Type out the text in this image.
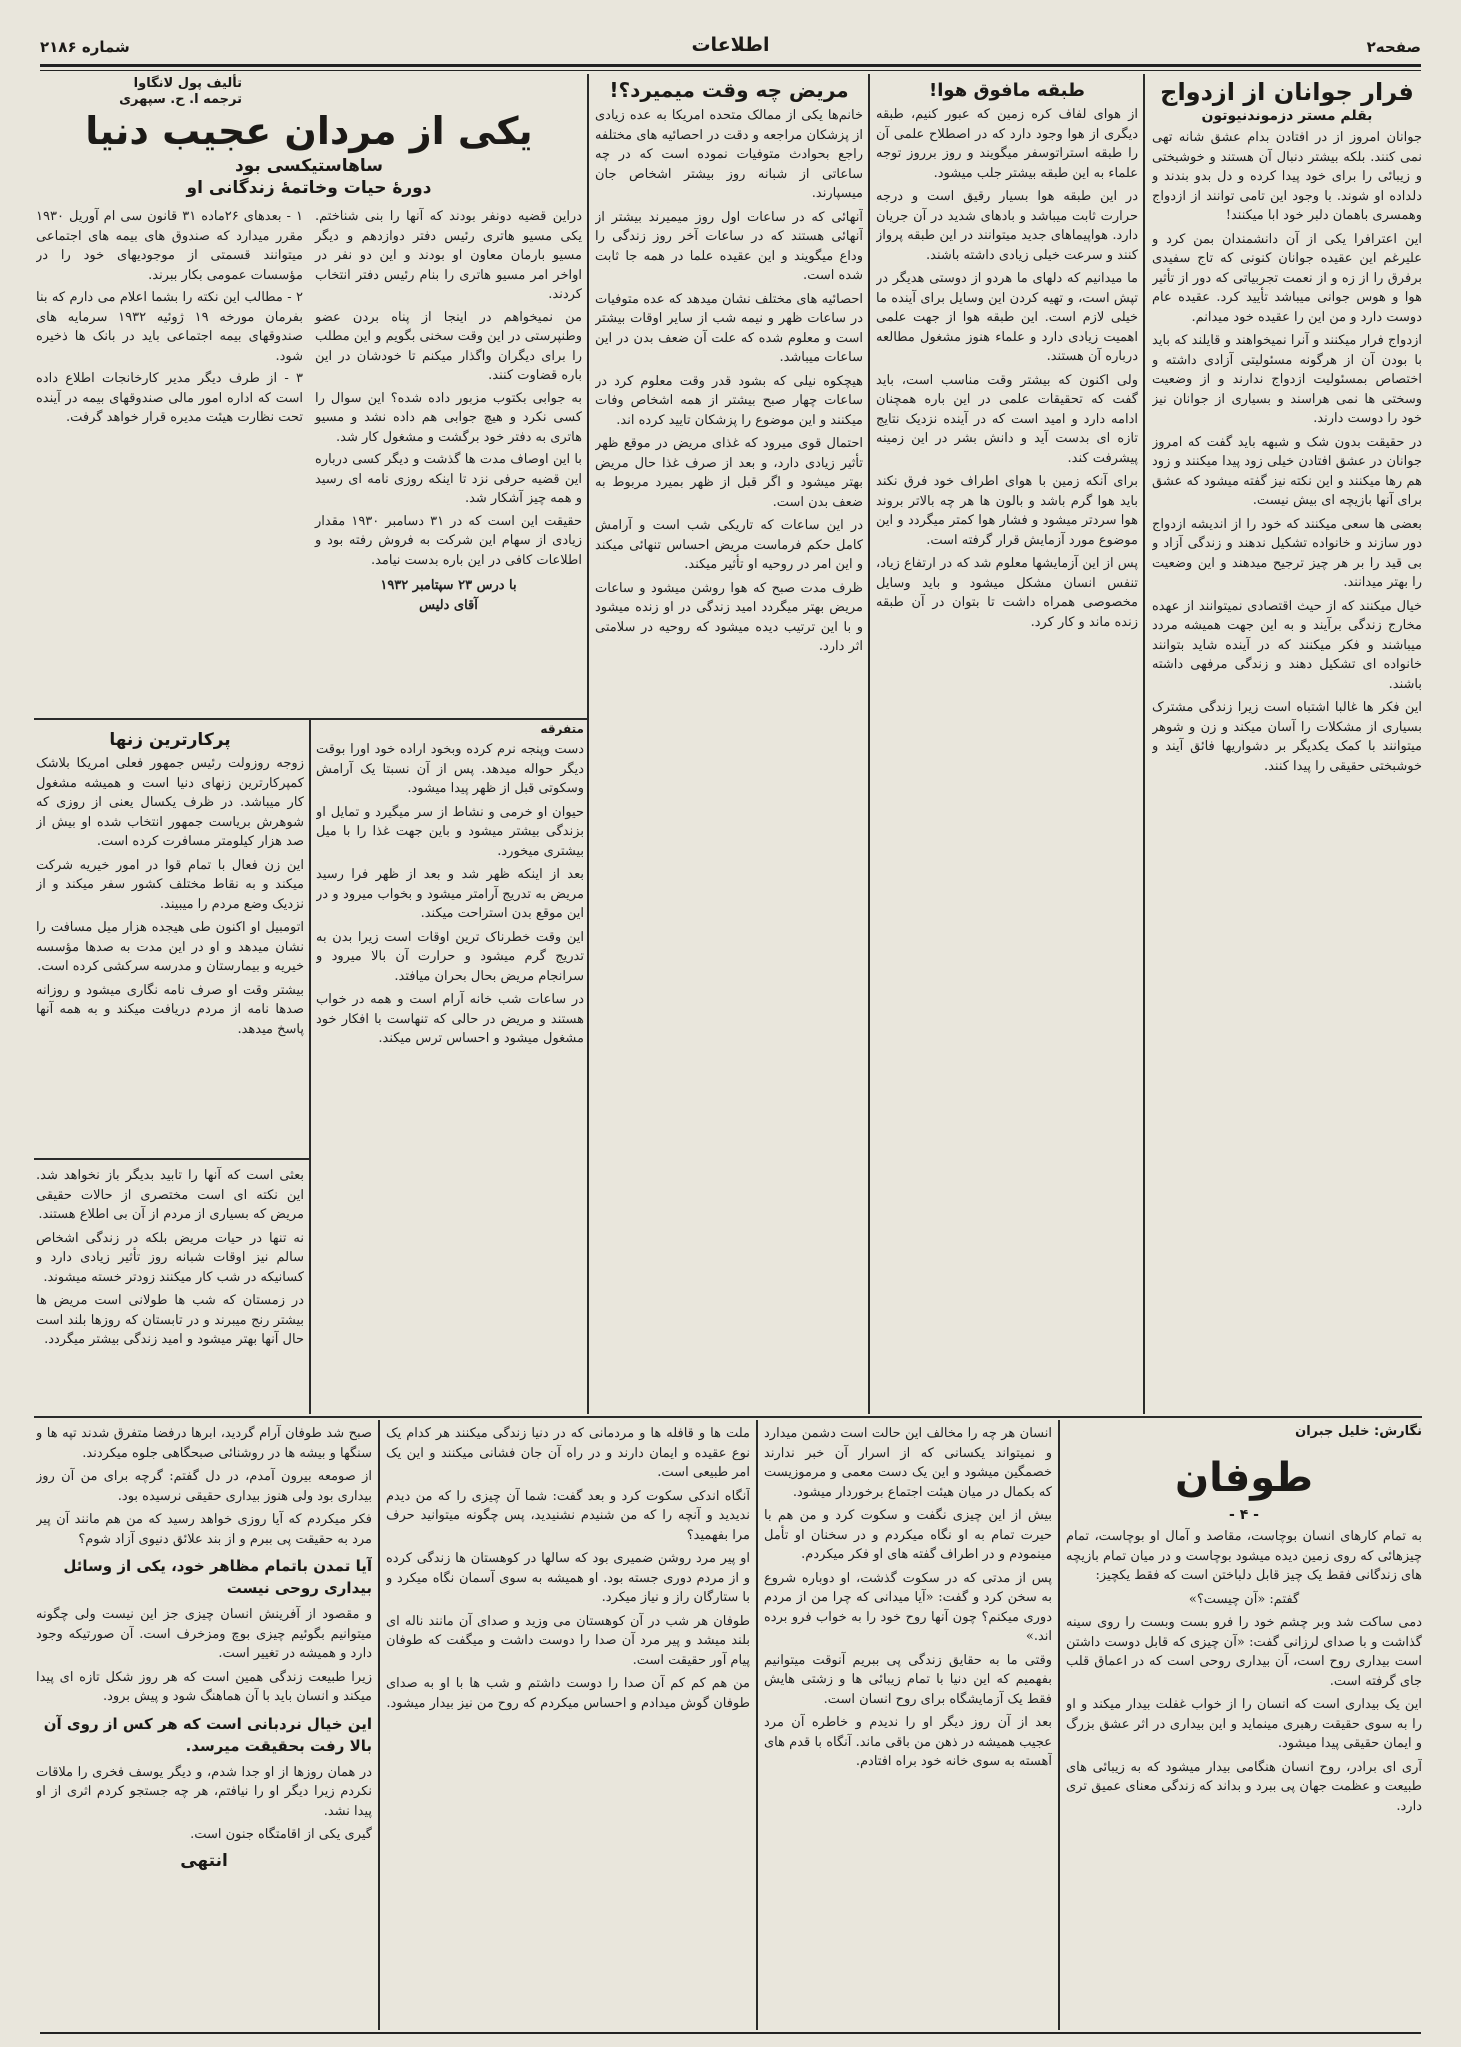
صفحه۲
اطلاعات
شماره ۲۱۸۶
فرار جوانان از ازدواج
بقلم مستر دزموندنیوتون

جوانان امروز از در افتادن بدام عشق شانه تهی نمی کنند. بلکه بیشتر دنبال آن هستند و خوشبختی و زیبائی را برای خود پیدا کرده و دل بدو بندند و دلداده او شوند. با وجود این تامی توانند از ازدواج وهمسری باهمان دلبر خود ابا میکنند!

این اعترافرا یکی از آن دانشمندان بمن کرد و علیرغم این عقیده جوانان کنونی که تاج سفیدی برفرق را از زه و از نعمت تجربیاتی که دور از تأثیر هوا و هوس جوانی میباشد تأیید کرد. عقیده عام دوست دارد و من این را عقیده خود میدانم.

ازدواج فرار میکنند و آنرا نمیخواهند و قایلند که باید با بودن آن از هرگونه مسئولیتی آزادی داشته و اختصاص بمسئولیت ازدواج ندارند و از وضعیت وسختی ها نمی هراسند و بسیاری از جوانان نیز خود را دوست دارند.

در حقیقت بدون شک و شبهه باید گفت که امروز جوانان در عشق افتادن خیلی زود پیدا میکنند و زود هم رها میکنند و این نکته نیز گفته میشود که عشق برای آنها بازیچه ای بیش نیست.

بعضی ها سعی میکنند که خود را از اندیشه ازدواج دور سازند و خانواده تشکیل ندهند و زندگی آزاد و بی قید را بر هر چیز ترجیح میدهند و این وضعیت را بهتر میدانند.

خیال میکنند که از حیث اقتصادی نمیتوانند از عهده مخارج زندگی برآیند و به این جهت همیشه مردد میباشند و فکر میکنند که در آینده شاید بتوانند خانواده ای تشکیل دهند و زندگی مرفهی داشته باشند.

این فکر ها غالبا اشتباه است زیرا زندگی مشترک بسیاری از مشکلات را آسان میکند و زن و شوهر میتوانند با کمک یکدیگر بر دشواریها فائق آیند و خوشبختی حقیقی را پیدا کنند.

طبقه مافوق هوا!

از هوای لفاف کره زمین که عبور کنیم، طبقه دیگری از هوا وجود دارد که در اصطلاح علمی آن را طبقه استراتوسفر میگویند و روز برروز توجه علماء به این طبقه بیشتر جلب میشود.

در این طبقه هوا بسیار رقیق است و درجه حرارت ثابت میباشد و بادهای شدید در آن جریان دارد. هواپیماهای جدید میتوانند در این طبقه پرواز کنند و سرعت خیلی زیادی داشته باشند.

ما میدانیم که دلهای ما هردو از دوستی هدیگر در تپش است، و تهیه کردن این وسایل برای آینده ما خیلی لازم است. این طبقه هوا از جهت علمی اهمیت زیادی دارد و علماء هنوز مشغول مطالعه درباره آن هستند.

ولی اکنون که بیشتر وقت مناسب است، باید گفت که تحقیقات علمی در این باره همچنان ادامه دارد و امید است که در آینده نزدیک نتایج تازه ای بدست آید و دانش بشر در این زمینه پیشرفت کند.

برای آنکه زمین با هوای اطراف خود فرق نکند باید هوا گرم باشد و بالون ها هر چه بالاتر بروند هوا سردتر میشود و فشار هوا کمتر میگردد و این موضوع مورد آزمایش قرار گرفته است.

پس از این آزمایشها معلوم شد که در ارتفاع زیاد، تنفس انسان مشکل میشود و باید وسایل مخصوصی همراه داشت تا بتوان در آن طبقه زنده ماند و کار کرد.

مریض چه وقت میمیرد؟!

خانم‌ها یکی از ممالک متحده امریکا به عده زیادی از پزشکان مراجعه و دقت در احصائیه های مختلفه راجع بحوادث متوفیات نموده است که در چه ساعاتی از شبانه روز بیشتر اشخاص جان میسپارند.

آنهائی که در ساعات اول روز میمیرند بیشتر از آنهائی هستند که در ساعات آخر روز زندگی را وداع میگویند و این عقیده علما در همه جا ثابت شده است.

احصائیه های مختلف نشان میدهد که عده متوفیات در ساعات ظهر و نیمه شب از سایر اوقات بیشتر است و معلوم شده که علت آن ضعف بدن در این ساعات میباشد.

هیچکوه نیلی که بشود قدر وقت معلوم کرد در ساعات چهار صبح بیشتر از همه اشخاص وفات میکنند و این موضوع را پزشکان تایید کرده اند.

احتمال قوی میرود که غذای مریض در موقع ظهر تأثیر زیادی دارد، و بعد از صرف غذا حال مریض بهتر میشود و اگر قبل از ظهر بمیرد مربوط به ضعف بدن است.

در این ساعات که تاریکی شب است و آرامش کامل حکم فرماست مریض احساس تنهائی میکند و این امر در روحیه او تأثیر میکند.

ظرف مدت صبح که هوا روشن میشود و ساعات مریض بهتر میگردد امید زندگی در او زنده میشود و با این ترتیب دیده میشود که روحیه در سلامتی اثر دارد.

تألیف پول لانگاوا
ترجمه ا. ح. سپهری
یکی از مردان عجیب دنیا
ساهاستیکسی بود
دورۀ حیات وخاتمۀ زندگانی او

دراین قضیه دونفر بودند که آنها را بنی شناختم. یکی مسیو هاتری رئیس دفتر دوازدهم و دیگر مسیو بارمان معاون او بودند و این دو نفر در اواخر امر مسیو هاتری را بنام رئیس دفتر انتخاب کردند.

من نمیخواهم در اینجا از پناه بردن عضو وطنپرستی در این وقت سخنی بگویم و این مطلب را برای دیگران واگذار میکنم تا خودشان در این باره قضاوت کنند.

به جوابی بکتوب مزبور داده شده؟ این سوال را کسی نکرد و هیچ جوابی هم داده نشد و مسیو هاتری به دفتر خود برگشت و مشغول کار شد.

با این اوصاف مدت ها گذشت و دیگر کسی درباره این قضیه حرفی نزد تا اینکه روزی نامه ای رسید و همه چیز آشکار شد.

حقیقت این است که در ۳۱ دسامبر ۱۹۳۰ مقدار زیادی از سهام این شرکت به فروش رفته بود و اطلاعات کافی در این باره بدست نیامد.

با درس ۲۳ سپتامبر ۱۹۳۲
آقای دلیس

۱ - بعدهای ۲۶ماده ۳۱ قانون سی ام آوریل ۱۹۳۰ مقرر میدارد که صندوق های بیمه های اجتماعی میتوانند قسمتی از موجودیهای خود را در مؤسسات عمومی بکار ببرند.

۲ - مطالب این نکته را بشما اعلام می دارم که بنا بفرمان مورخه ۱۹ ژوئیه ۱۹۳۲ سرمایه های صندوقهای بیمه اجتماعی باید در بانک ها ذخیره شود.

۳ - از طرف دیگر مدیر کارخانجات اطلاع داده است که اداره امور مالی صندوقهای بیمه در آینده تحت نظارت هیئت مدیره قرار خواهد گرفت.

متفرقه

دست وپنجه نرم کرده وبخود اراده خود اورا بوقت دیگر حواله میدهد. پس از آن نسبتا یک آرامش وسکوتی قبل از ظهر پیدا میشود.

حیوان او خرمی و نشاط از سر میگیرد و تمایل او بزندگی بیشتر میشود و باین جهت غذا را با میل بیشتری میخورد.

بعد از اینکه ظهر شد و بعد از ظهر فرا رسید مریض به تدریج آرامتر میشود و بخواب میرود و در این موقع بدن استراحت میکند.

این وقت خطرناک ترین اوقات است زیرا بدن به تدریج گرم میشود و حرارت آن بالا میرود و سرانجام مریض بحال بحران میافتد.

در ساعات شب خانه آرام است و همه در خواب هستند و مریض در حالی که تنهاست با افکار خود مشغول میشود و احساس ترس میکند.

پرکارترین زنها

زوجه روزولت رئیس جمهور فعلی امریکا بلاشک کمپرکارترین زنهای دنیا است و همیشه مشغول کار میباشد. در ظرف یکسال یعنی از روزی که شوهرش بریاست جمهور انتخاب شده او بیش از صد هزار کیلومتر مسافرت کرده است.

این زن فعال با تمام قوا در امور خیریه شرکت میکند و به نقاط مختلف کشور سفر میکند و از نزدیک وضع مردم را میبیند.

اتومبیل او اکنون طی هیجده هزار میل مسافت را نشان میدهد و او در این مدت به صدها مؤسسه خیریه و بیمارستان و مدرسه سرکشی کرده است.

بیشتر وقت او صرف نامه نگاری میشود و روزانه صدها نامه از مردم دریافت میکند و به همه آنها پاسخ میدهد.

بعثی است که آنها را تابید بدیگر باز نخواهد شد. این نکته ای است مختصری از حالات حقیقی مریض که بسیاری از مردم از آن بی اطلاع هستند.

نه تنها در حیات مریض بلکه در زندگی اشخاص سالم نیز اوقات شبانه روز تأثیر زیادی دارد و کسانیکه در شب کار میکنند زودتر خسته میشوند.

در زمستان که شب ها طولانی است مریض ها بیشتر رنج میبرند و در تابستان که روزها بلند است حال آنها بهتر میشود و امید زندگی بیشتر میگردد.

نگارش: خلیل جبران
طوفان
- ۴ -

به تمام کارهای انسان بوچاست، مقاصد و آمال او بوچاست، تمام چیزهائی که روی زمین دیده میشود بوچاست و در میان تمام بازیچه های زندگانی فقط یک چیز قابل دلباختن است که فقط یکچیز:

گفتم: «آن چیست؟»

دمی ساکت شد وبر چشم خود را فرو بست وبست را روی سینه گذاشت و با صدای لرزانی گفت: «آن چیزی که قابل دوست داشتن است بیداری روح است، آن بیداری روحی است که در اعماق قلب جای گرفته است.

این یک بیداری است که انسان را از خواب غفلت بیدار میکند و او را به سوی حقیقت رهبری مینماید و این بیداری در اثر عشق بزرگ و ایمان حقیقی پیدا میشود.

آری ای برادر، روح انسان هنگامی بیدار میشود که به زیبائی های طبیعت و عظمت جهان پی ببرد و بداند که زندگی معنای عمیق تری دارد.

انسان هر چه را مخالف این حالت است دشمن میدارد و نمیتواند یکسانی که از اسرار آن خبر ندارند خصمگین میشود و این یک دست معمی و مرموزیست که بکمال در میان هیئت اجتماع برخوردار میشود.

بیش از این چیزی نگفت و سکوت کرد و من هم با حیرت تمام به او نگاه میکردم و در سخنان او تأمل مینمودم و در اطراف گفته های او فکر میکردم.

پس از مدتی که در سکوت گذشت، او دوباره شروع به سخن کرد و گفت: «آیا میدانی که چرا من از مردم دوری میکنم؟ چون آنها روح خود را به خواب فرو برده اند.»

وقتی ما به حقایق زندگی پی ببریم آنوقت میتوانیم بفهمیم که این دنیا با تمام زیبائی ها و زشتی هایش فقط یک آزمایشگاه برای روح انسان است.

بعد از آن روز دیگر او را ندیدم و خاطره آن مرد عجیب همیشه در ذهن من باقی ماند. آنگاه با قدم های آهسته به سوی خانه خود براه افتادم.

ملت ها و قافله ها و مردمانی که در دنیا زندگی میکنند هر کدام یک نوع عقیده و ایمان دارند و در راه آن جان فشانی میکنند و این یک امر طبیعی است.

آنگاه اندکی سکوت کرد و بعد گفت: شما آن چیزی را که من دیدم ندیدید و آنچه را که من شنیدم نشنیدید، پس چگونه میتوانید حرف مرا بفهمید؟

او پیر مرد روشن ضمیری بود که سالها در کوهستان ها زندگی کرده و از مردم دوری جسته بود. او همیشه به سوی آسمان نگاه میکرد و با ستارگان راز و نیاز میکرد.

طوفان هر شب در آن کوهستان می وزید و صدای آن مانند ناله ای بلند میشد و پیر مرد آن صدا را دوست داشت و میگفت که طوفان پیام آور حقیقت است.

من هم کم کم آن صدا را دوست داشتم و شب ها با او به صدای طوفان گوش میدادم و احساس میکردم که روح من نیز بیدار میشود.

صبح شد طوفان آرام گردید، ابرها درفضا متفرق شدند تپه ها و سنگها و بیشه ها در روشنائی صبحگاهی جلوه میکردند.

از صومعه بیرون آمدم، در دل گفتم: گرچه برای من آن روز بیداری بود ولی هنوز بیداری حقیقی نرسیده بود.

فکر میکردم که آیا روزی خواهد رسید که من هم مانند آن پیر مرد به حقیقت پی ببرم و از بند علائق دنیوی آزاد شوم؟

آیا تمدن باتمام مظاهر خود، یکی از وسائل بیداری روحی نیست

و مقصود از آفرینش انسان چیزی جز این نیست ولی چگونه میتوانیم بگوئیم چیزی بوچ ومزخرف است. آن صورتیکه وجود دارد و همیشه در تغییر است.

زیرا طبیعت زندگی همین است که هر روز شکل تازه ای پیدا میکند و انسان باید با آن هماهنگ شود و پیش برود.

این خیال نردبانی است که هر کس از روی آن بالا رفت بحقیقت میرسد.

در همان روزها از او جدا شدم، و دیگر یوسف فخری را ملاقات نکردم زیرا دیگر او را نیافتم، هر چه جستجو کردم اثری از او پیدا نشد.

گیری یکی از اقامتگاه جنون است.

انتهی
